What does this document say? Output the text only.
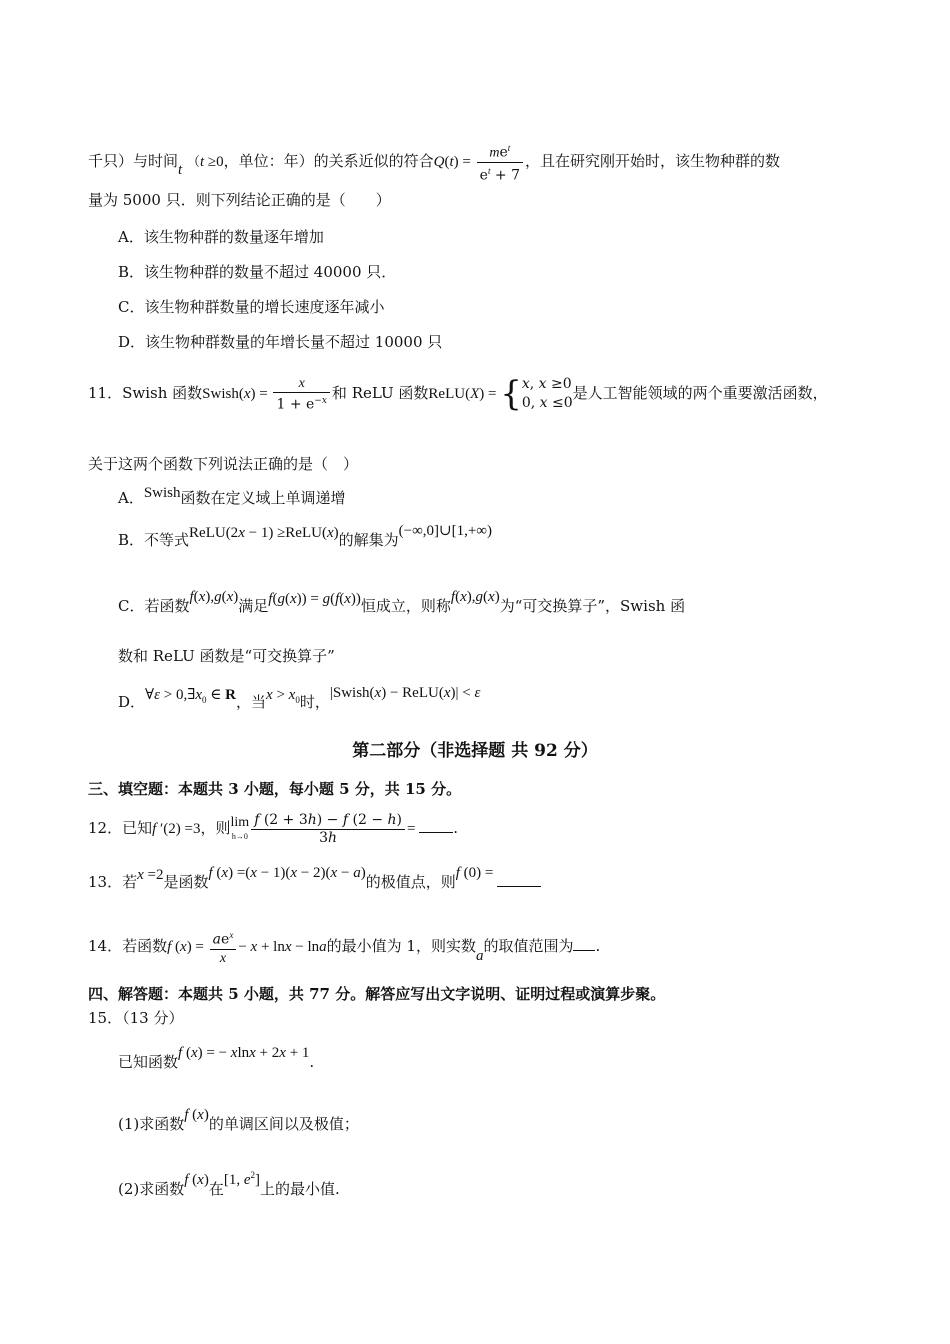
千只）与时间t （t ≥0，单位：年）的关系近似的符合$Q(t) = \frac{me^t}{e^t + 7}$ ，且在研究刚开始时，该生物种群的数
量为 5000 只．则下列结论正确的是（　　）
A．该生物种群的数量逐年增加
B．该生物种群的数量不超过 40000 只．
C．该生物种群数量的增长速度逐年减小
D．该生物种群数量的年增长量不超过 10000 只
11．Swish 函数Swish(x) = $\frac{x}{1 + e^{-x}}$ 和 ReLU 函数ReLU(X) = { x, x ≥0
0, x ≤0
是人工智能领域的两个重要激活函数，
关于这两个函数下列说法正确的是（　）
A．Swish函数在定义域上单调递增
B．不等式ReLU(2x − 1) ≥ReLU(x)的解集为(−∞,0]∪[1,+∞)
C．若函数f(x),g(x)满足f(g(x)) = g(f(x))恒成立，则称f(x),g(x)为“可交换算子”，Swish 函
数和 ReLU 函数是“可交换算子”
D．∀ε > $0,\exists x_0$ ∈ R，当$x > x_0$时，|Swish(x) − ReLU(x)| < ε
第二部分（非选择题 共 92 分）
三、填空题：本题共 3 小题，每小题 5 分，共 15 分。
12．已知f ′(2) =3，则lim
$h\to 0 \frac{f (2 + 3h) - f (2 - h)}{3h}$ = .
13．若x =2是函数f (x) =(x − 1)(x − 2)(x − a)的极值点，则f (0) =
14．若函数f $(x) = \frac{ae^x}{x} - x + \ln x - \ln a$的最小值为 1，则实数a的取值范围为 .
四、解答题：本题共 5 小题，共 77 分。解答应写出文字说明、证明过程或演算步聚。
15．（13 分）
已知函数f (x) = − xlnx + 2x + 1.
(1)求函数f (x)的单调区间以及极值；
(2)求函数f (x)在[1, $e^2$]上的最小值.
